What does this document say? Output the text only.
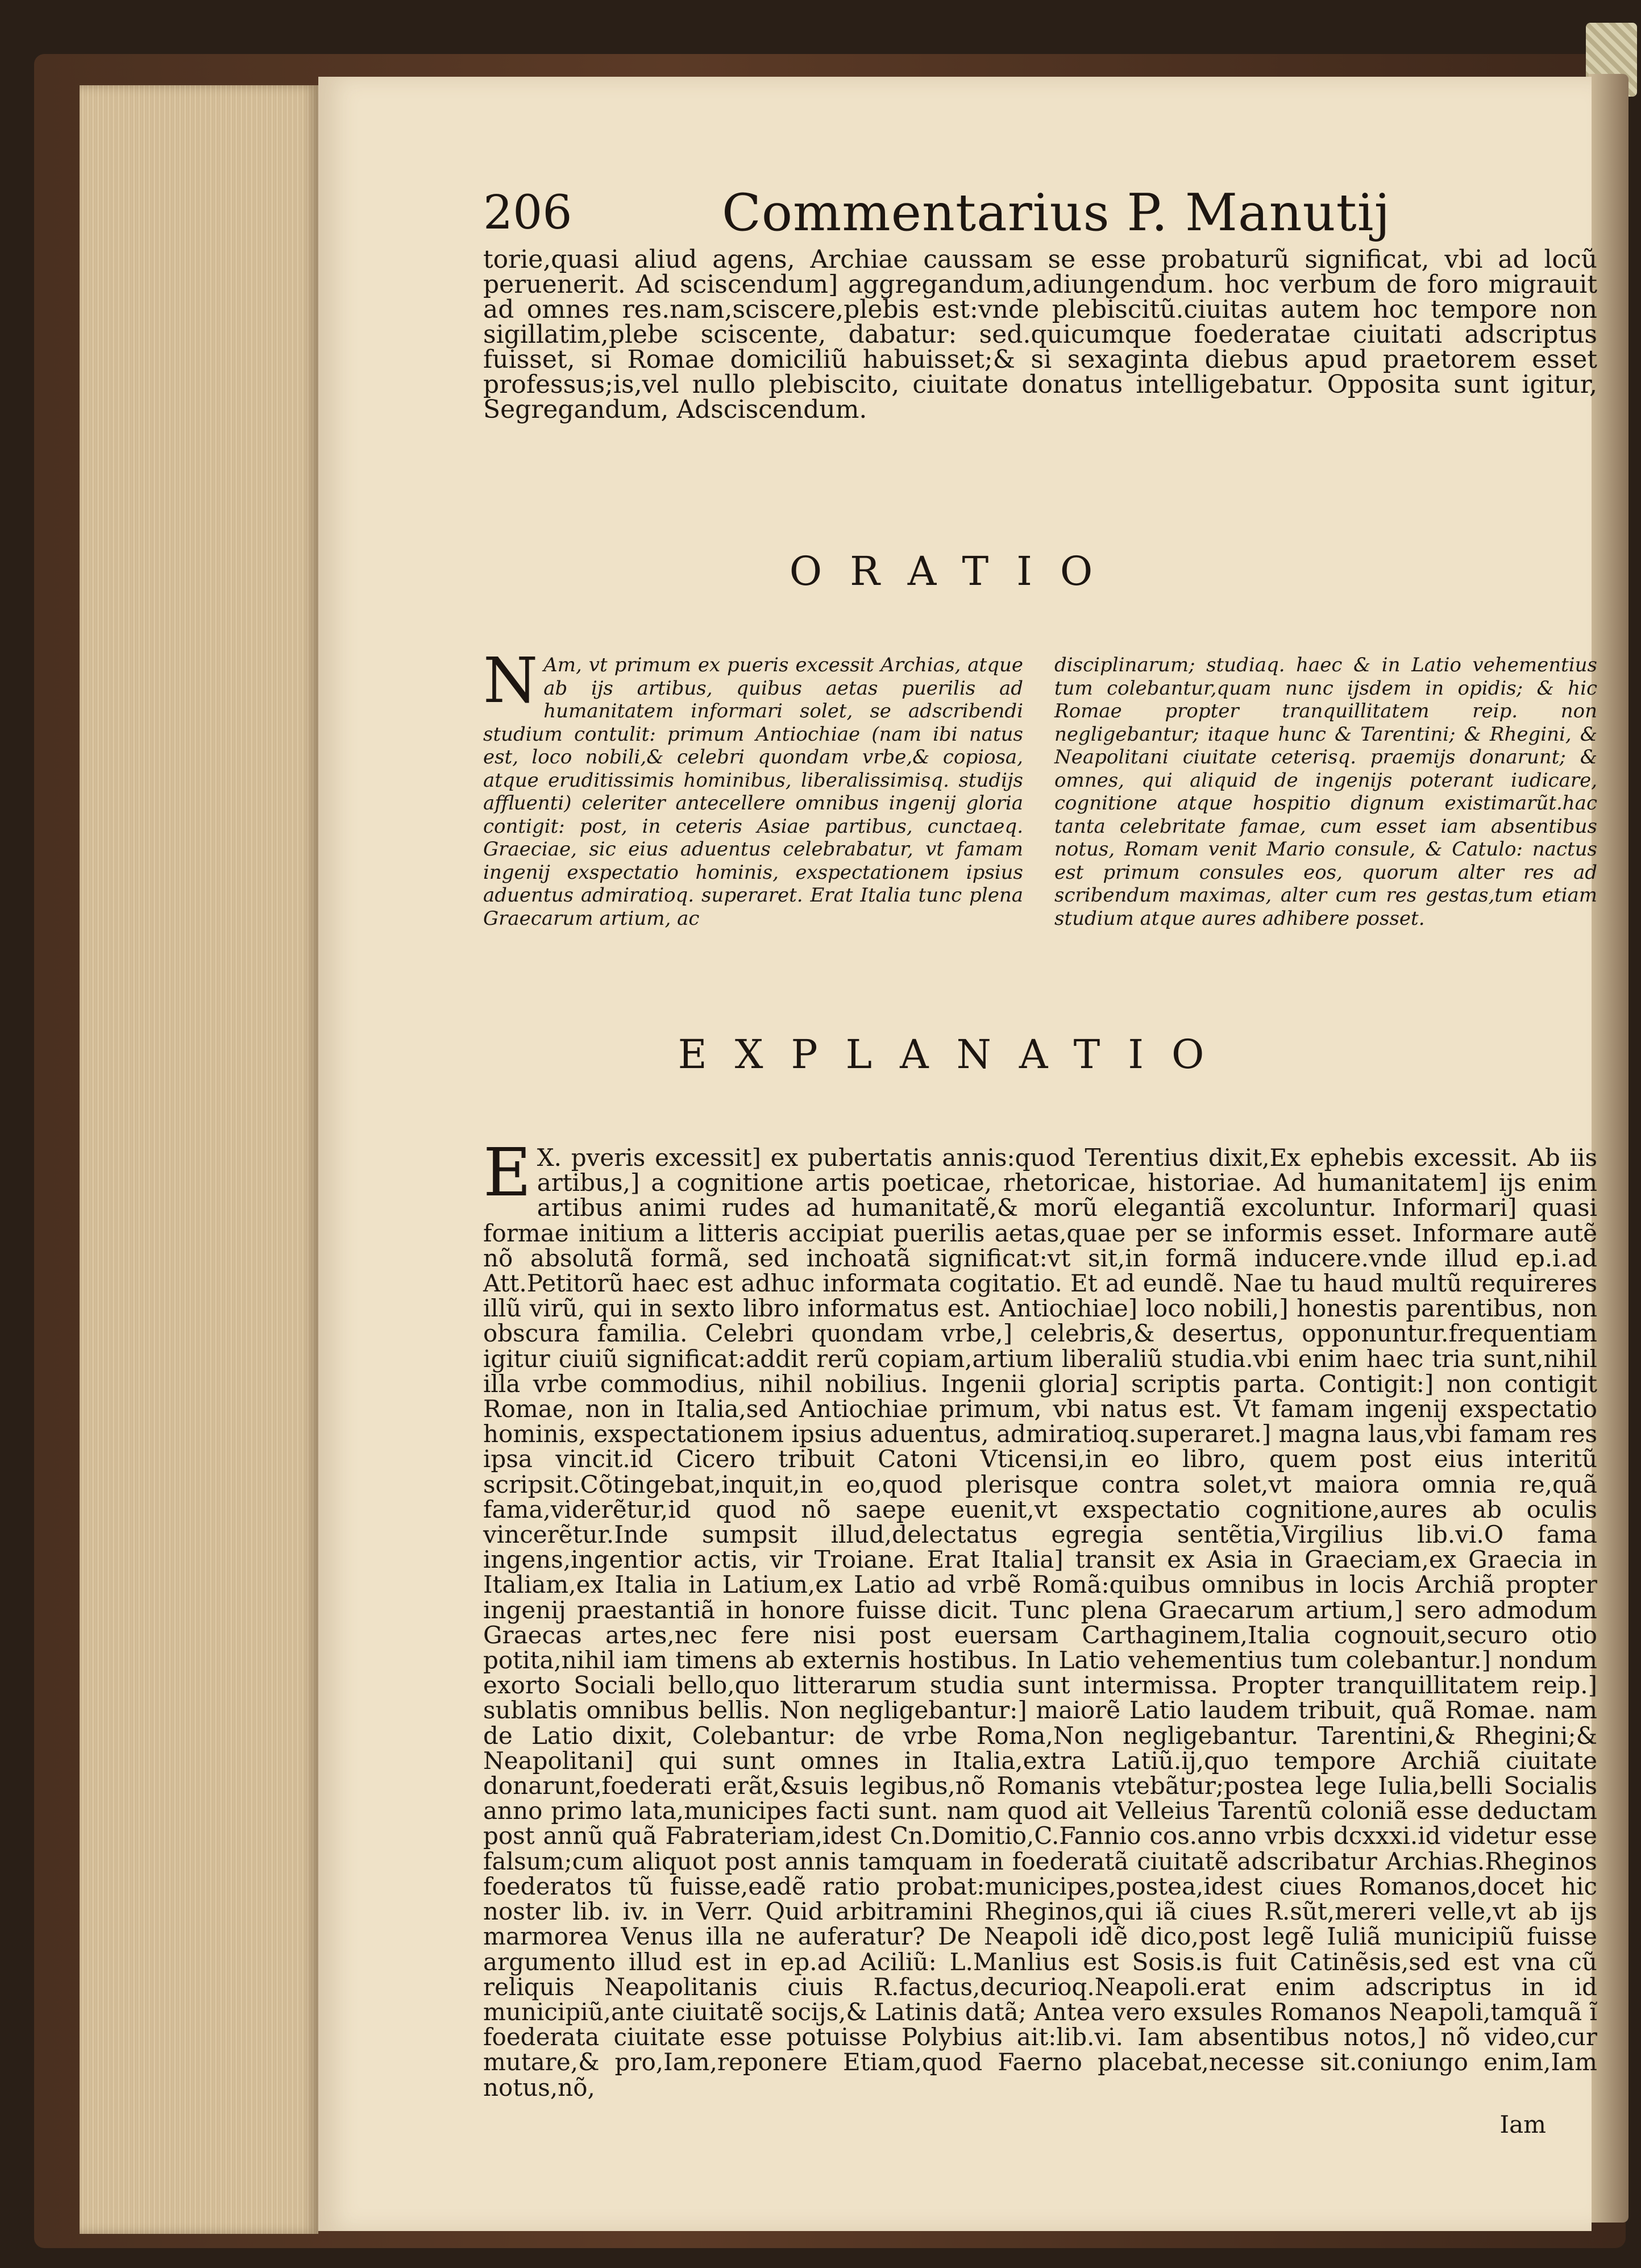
206	Commentarius P. Manutij
torie,quasi aliud agens, Archiae caussam se esse probaturũ significat, vbi ad locũ peruenerit. Ad sciscendum] aggregandum,adiungendum. hoc verbum de foro migrauit ad omnes res.nam,sciscere,plebis est:vnde plebiscitũ.ciuitas autem hoc tempore non sigillatim,plebe sciscente, dabatur: sed.quicumque foederatae ciuitati adscriptus fuisset, si Romae domiciliũ habuisset;& si sexaginta diebus apud praetorem esset professus;is,vel nullo plebiscito, ciuitate donatus intelligebatur. Opposita sunt igitur, Segregandum, Adsciscendum.
ORATIO
N Am, vt primum ex pueris excessit Archias, atque ab ijs artibus, quibus aetas puerilis ad humanitatem informari solet, se adscribendi studium contulit: primum Antiochiae (nam ibi natus est, loco nobili,& celebri quondam vrbe,& copiosa, atque eruditissimis hominibus, liberalissimisq. studijs affluenti) celeriter antecellere omnibus ingenij gloria contigit: post, in ceteris Asiae partibus, cunctaeq. Graeciae, sic eius aduentus celebrabatur, vt famam ingenij exspectatio hominis, exspectationem ipsius aduentus admiratioq. superaret. Erat Italia tunc plena Graecarum artium, ac
disciplinarum; studiaq. haec & in Latio vehementius tum colebantur,quam nunc ijsdem in opidis; & hic Romae propter tranquillitatem reip. non negligebantur; itaque hunc & Tarentini; & Rhegini, & Neapolitani ciuitate ceterisq. praemijs donarunt; & omnes, qui aliquid de ingenijs poterant iudicare, cognitione atque hospitio dignum existimarũt.hac tanta celebritate famae, cum esset iam absentibus notus, Romam venit Mario consule, & Catulo: nactus est primum consules eos, quorum alter res ad scribendum maximas, alter cum res gestas,tum etiam studium atque aures adhibere posset.
EXPLANATIO
E X. pveris excessit] ex pubertatis annis:quod Terentius dixit,Ex ephebis excessit. Ab iis artibus,] a cognitione artis poeticae, rhetoricae, historiae. Ad humanitatem] ijs enim artibus animi rudes ad humanitatẽ,& morũ elegantiã excoluntur. Informari] quasi formae initium a litteris accipiat puerilis aetas,quae per se informis esset. Informare autẽ nõ absolutã formã, sed inchoatã significat:vt sit,in formã inducere.vnde illud ep.i.ad Att.Petitorũ haec est adhuc informata cogitatio. Et ad eundẽ. Nae tu haud multũ requireres illũ virũ, qui in sexto libro informatus est. Antiochiae] loco nobili,] honestis parentibus, non obscura familia. Celebri quondam vrbe,] celebris,& desertus, opponuntur.frequentiam igitur ciuiũ significat:addit rerũ copiam,artium liberaliũ studia.vbi enim haec tria sunt,nihil illa vrbe commodius, nihil nobilius. Ingenii gloria] scriptis parta. Contigit:] non contigit Romae, non in Italia,sed Antiochiae primum, vbi natus est. Vt famam ingenij exspectatio hominis, exspectationem ipsius aduentus, admiratioq.superaret.] magna laus,vbi famam res ipsa vincit.id Cicero tribuit Catoni Vticensi,in eo libro, quem post eius interitũ scripsit.Cõtingebat,inquit,in eo,quod plerisque contra solet,vt maiora omnia re,quã fama,viderẽtur,id quod nõ saepe euenit,vt exspectatio cognitione,aures ab oculis vincerẽtur.Inde sumpsit illud,delectatus egregia sentẽtia,Virgilius lib.vi.O fama ingens,ingentior actis, vir Troiane. Erat Italia] transit ex Asia in Graeciam,ex Graecia in Italiam,ex Italia in Latium,ex Latio ad vrbẽ Romã:quibus omnibus in locis Archiã propter ingenij praestantiã in honore fuisse dicit. Tunc plena Graecarum artium,] sero admodum Graecas artes,nec fere nisi post euersam Carthaginem,Italia cognouit,securo otio potita,nihil iam timens ab externis hostibus. In Latio vehementius tum colebantur.] nondum exorto Sociali bello,quo litterarum studia sunt intermissa. Propter tranquillitatem reip.] sublatis omnibus bellis. Non negligebantur:] maiorẽ Latio laudem tribuit, quã Romae. nam de Latio dixit, Colebantur: de vrbe Roma,Non negligebantur. Tarentini,& Rhegini;& Neapolitani] qui sunt omnes in Italia,extra Latiũ.ij,quo tempore Archiã ciuitate donarunt,foederati erãt,&suis legibus,nõ Romanis vtebãtur;postea lege Iulia,belli Socialis anno primo lata,municipes facti sunt. nam quod ait Velleius Tarentũ coloniã esse deductam post annũ quã Fabrateriam,idest Cn.Domitio,C.Fannio cos.anno vrbis dcxxxi.id videtur esse falsum;cum aliquot post annis tamquam in foederatã ciuitatẽ adscribatur Archias.Rheginos foederatos tũ fuisse,eadẽ ratio probat:municipes,postea,idest ciues Romanos,docet hic noster lib. iv. in Verr. Quid arbitramini Rheginos,qui iã ciues R.sũt,mereri velle,vt ab ijs marmorea Venus illa ne auferatur? De Neapoli idẽ dico,post legẽ Iuliã municipiũ fuisse argumento illud est in ep.ad Aciliũ: L.Manlius est Sosis.is fuit Catinẽsis,sed est vna cũ reliquis Neapolitanis ciuis R.factus,decurioq.Neapoli.erat enim adscriptus in id municipiũ,ante ciuitatẽ socijs,& Latinis datã; Antea vero exsules Romanos Neapoli,tamquã ĩ foederata ciuitate esse potuisse Polybius ait:lib.vi. Iam absentibus notos,] nõ video,cur mutare,& pro,Iam,reponere Etiam,quod Faerno placebat,necesse sit.coniungo enim,Iam notus,nõ,
Iam
